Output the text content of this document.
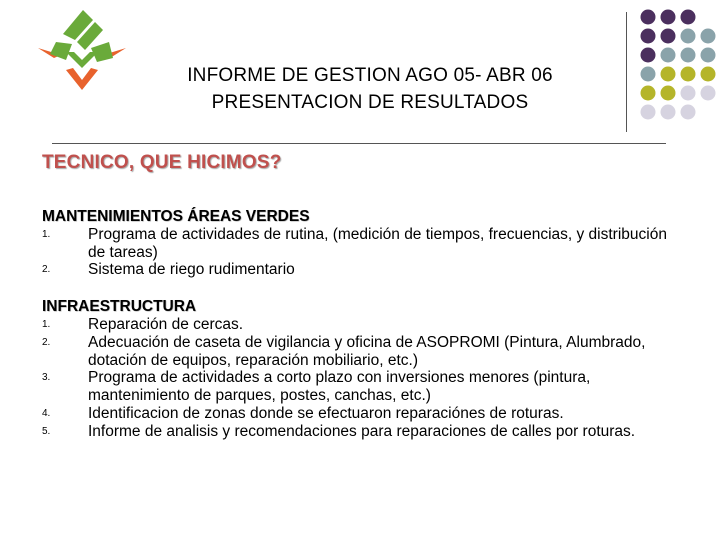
INFORME DE GESTION AGO 05- ABR 06
PRESENTACION DE RESULTADOS
TECNICO, QUE HICIMOS?
MANTENIMIENTOS ÁREAS VERDES
1.	Programa de actividades de rutina, (medición de tiempos, frecuencias, y distribución de tareas)
2.	Sistema de riego rudimentario
INFRAESTRUCTURA
1.	Reparación de cercas.
2.	Adecuación de caseta de vigilancia y oficina de ASOPROMI (Pintura, Alumbrado, dotación de equipos, reparación mobiliario, etc.)
3.	Programa de actividades a corto plazo con inversiones menores (pintura, mantenimiento de parques, postes, canchas, etc.)
4.	Identificacion de zonas donde se efectuaron reparaciónes de roturas.
5.	Informe de analisis y recomendaciones para reparaciones de calles por roturas.
